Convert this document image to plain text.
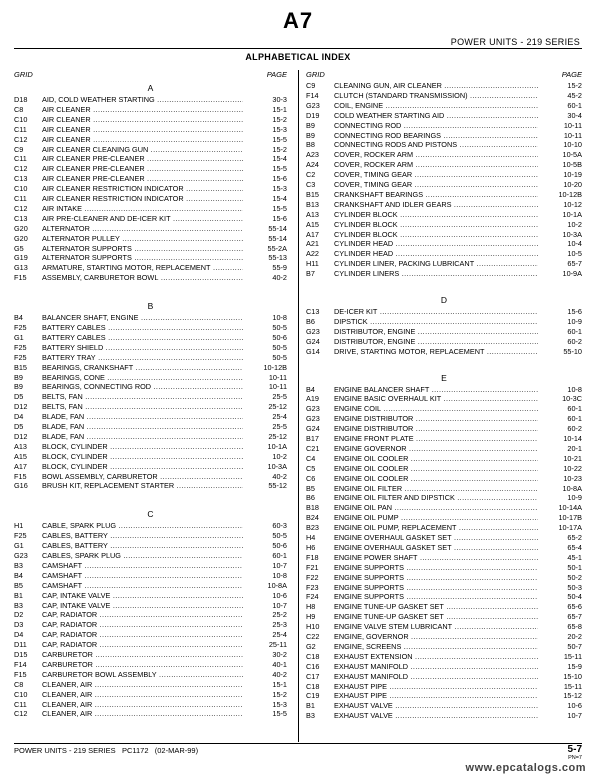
A7
POWER UNITS - 219 SERIES
ALPHABETICAL INDEX
GRID	PAGE
A
D18 AID, COLD WEATHER STARTING .....	30-3
C8	AIR CLEANER .....	15-1
C10 AIR CLEANER .....	15-2
C11 AIR CLEANER .....	15-3
C12 AIR CLEANER .....	15-5
C9	AIR CLEANER CLEANING GUN .....	15-2
C11 AIR CLEANER PRE-CLEANER .....	15-4
C12 AIR CLEANER PRE-CLEANER .....	15-5
C13 AIR CLEANER PRE-CLEANER .....	15-6
C10 AIR CLEANER RESTRICTION INDICATOR .....	15-3
C11 AIR CLEANER RESTRICTION INDICATOR .....	15-4
C12 AIR INTAKE .....	15-5
C13 AIR PRE-CLEANER AND DE-ICER KIT .....	15-6
G20 ALTERNATOR .....	55-14
G20 ALTERNATOR PULLEY .....	55-14
G5	ALTERNATOR SUPPORTS .....	55-2A
G19 ALTERNATOR SUPPORTS .....	55-13
G13 ARMATURE, STARTING MOTOR, REPLACEMENT .....	55-9
F15 ASSEMBLY, CARBURETOR BOWL .....	40-2
B
B4	BALANCER SHAFT, ENGINE .....	10-8
F25 BATTERY CABLES .....	50-5
G1	BATTERY CABLES .....	50-6
F25 BATTERY SHIELD .....	50-5
F25 BATTERY TRAY .....	50-5
B15 BEARINGS, CRANKSHAFT .....	10-12B
B9	BEARINGS, CONE .....	10-11
B9	BEARINGS, CONNECTING ROD .....	10-11
D5	BELTS, FAN .....	25-5
D12 BELTS, FAN .....	25-12
D4	BLADE, FAN .....	25-4
D5	BLADE, FAN .....	25-5
D12 BLADE, FAN .....	25-12
A13 BLOCK, CYLINDER .....	10-1A
A15 BLOCK, CYLINDER .....	10-2
A17 BLOCK, CYLINDER .....	10-3A
F15 BOWL ASSEMBLY, CARBURETOR .....	40-2
G16 BRUSH KIT, REPLACEMENT STARTER .....	55-12
C
H1	CABLE, SPARK PLUG .....	60-3
F25 CABLES, BATTERY .....	50-5
G1	CABLES, BATTERY .....	50-6
G23 CABLES, SPARK PLUG .....	60-1
B3	CAMSHAFT .....	10-7
B4	CAMSHAFT .....	10-8
B5	CAMSHAFT .....	10-8A
B1	CAP, INTAKE VALVE .....	10-6
B3	CAP, INTAKE VALVE .....	10-7
D2	CAP, RADIATOR .....	25-2
D3	CAP, RADIATOR .....	25-3
D4	CAP, RADIATOR .....	25-4
D11 CAP, RADIATOR .....	25-11
D15 CARBURETOR .....	30-2
F14 CARBURETOR .....	40-1
F15 CARBURETOR BOWL ASSEMBLY .....	40-2
C8	CLEANER, AIR .....	15-1
C10 CLEANER, AIR .....	15-2
C11 CLEANER, AIR .....	15-3
C12 CLEANER, AIR .....	15-5
GRID	PAGE
C9	CLEANING GUN, AIR CLEANER .....	15-2
F14 CLUTCH (STANDARD TRANSMISSION) .....	45-2
G23 COIL, ENGINE .....	60-1
D19 COLD WEATHER STARTING AID .....	30-4
B9	CONNECTING ROD .....	10-11
B9	CONNECTING ROD BEARINGS .....	10-11
B8	CONNECTING RODS AND PISTONS .....	10-10
A23 COVER, ROCKER ARM .....	10-5A
A24 COVER, ROCKER ARM .....	10-5B
C2	COVER, TIMING GEAR .....	10-19
C3	COVER, TIMING GEAR .....	10-20
B15 CRANKSHAFT BEARINGS .....	10-12B
B13 CRANKSHAFT AND IDLER GEARS .....	10-12
A13 CYLINDER BLOCK .....	10-1A
A15 CYLINDER BLOCK .....	10-2
A17 CYLINDER BLOCK .....	10-3A
A21 CYLINDER HEAD .....	10-4
A22 CYLINDER HEAD .....	10-5
H11 CYLINDER LINER, PACKING LUBRICANT .....	65-7
B7	CYLINDER LINERS .....	10-9A
D
C13 DE-ICER KIT .....	15-6
B6	DIPSTICK .....	10-9
G23 DISTRIBUTOR, ENGINE .....	60-1
G24 DISTRIBUTOR, ENGINE .....	60-2
G14 DRIVE, STARTING MOTOR, REPLACEMENT .....	55-10
E
B4	ENGINE BALANCER SHAFT .....	10-8
A19 ENGINE BASIC OVERHAUL KIT .....	10-3C
G23 ENGINE COIL .....	60-1
G23 ENGINE DISTRIBUTOR .....	60-1
G24 ENGINE DISTRIBUTOR .....	60-2
B17 ENGINE FRONT PLATE .....	10-14
C21 ENGINE GOVERNOR .....	20-1
C4	ENGINE OIL COOLER .....	10-21
C5	ENGINE OIL COOLER .....	10-22
C6	ENGINE OIL COOLER .....	10-23
B5	ENGINE OIL FILTER .....	10-8A
B6	ENGINE OIL FILTER AND DIPSTICK .....	10-9
B18 ENGINE OIL PAN .....	10-14A
B24 ENGINE OIL PUMP .....	10-17B
B23 ENGINE OIL PUMP, REPLACEMENT .....	10-17A
H4	ENGINE OVERHAUL GASKET SET .....	65-2
H6	ENGINE OVERHAUL GASKET SET .....	65-4
F18 ENGINE POWER SHAFT .....	45-1
F21 ENGINE SUPPORTS .....	50-1
F22 ENGINE SUPPORTS .....	50-2
F23 ENGINE SUPPORTS .....	50-3
F24 ENGINE SUPPORTS .....	50-4
H8	ENGINE TUNE-UP GASKET SET .....	65-6
H9	ENGINE TUNE-UP GASKET SET .....	65-7
H10 ENGINE VALVE STEM LUBRICANT .....	65-8
C22 ENGINE, GOVERNOR .....	20-2
G2	ENGINE, SCREENS .....	50-7
C18 EXHAUST EXTENSION .....	15-11
C16 EXHAUST MANIFOLD .....	15-9
C17 EXHAUST MANIFOLD .....	15-10
C18 EXHAUST PIPE .....	15-11
C19 EXHAUST PIPE .....	15-12
B1	EXHAUST VALVE .....	10-6
B3	EXHAUST VALVE .....	10-7
POWER UNITS - 219 SERIES   PC1172   (02-MAR-99)	5-7
PN=7
www.epcatalogs.com
